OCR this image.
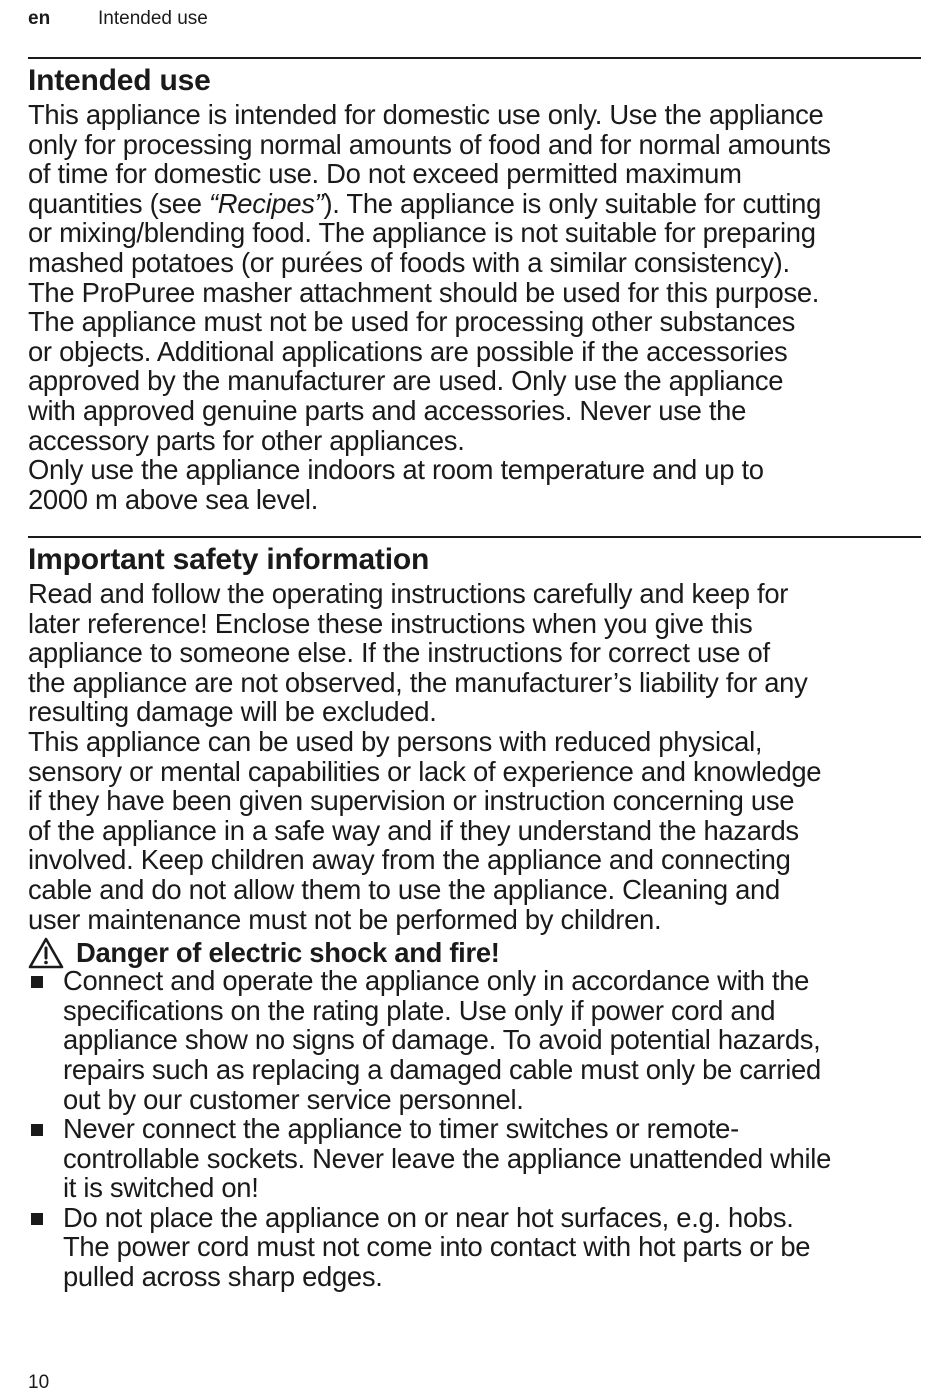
en	Intended use
Intended use
This appliance is intended for domestic use only. Use the appliance
only for processing normal amounts of food and for normal amounts
of time for domestic use. Do not exceed permitted maximum
quantities (see “Recipes”). The appliance is only suitable for cutting
or mixing/blending food. The appliance is not suitable for preparing
mashed potatoes (or purées of foods with a similar consistency).
The ProPuree masher attachment should be used for this purpose.
The appliance must not be used for processing other substances
or objects. Additional applications are possible if the accessories
approved by the manufacturer are used. Only use the appliance
with approved genuine parts and accessories. Never use the
accessory parts for other appliances.
Only use the appliance indoors at room temperature and up to
2000 m above sea level.
Important safety information
Read and follow the operating instructions carefully and keep for
later reference! Enclose these instructions when you give this
appliance to someone else. If the instructions for correct use of
the appliance are not observed, the manufacturer’s liability for any
resulting damage will be excluded.
This appliance can be used by persons with reduced physical,
sensory or mental capabilities or lack of experience and knowledge
if they have been given supervision or instruction concerning use
of the appliance in a safe way and if they understand the hazards
involved. Keep children away from the appliance and connecting
cable and do not allow them to use the appliance. Cleaning and
user maintenance must not be performed by children.
Danger of electric shock and fire!
Connect and operate the appliance only in accordance with the
specifications on the rating plate. Use only if power cord and
appliance show no signs of damage. To avoid potential hazards,
repairs such as replacing a damaged cable must only be carried
out by our customer service personnel.
Never connect the appliance to timer switches or remote-
controllable sockets. Never leave the appliance unattended while
it is switched on!
Do not place the appliance on or near hot surfaces, e.g. hobs.
The power cord must not come into contact with hot parts or be
pulled across sharp edges.
10
